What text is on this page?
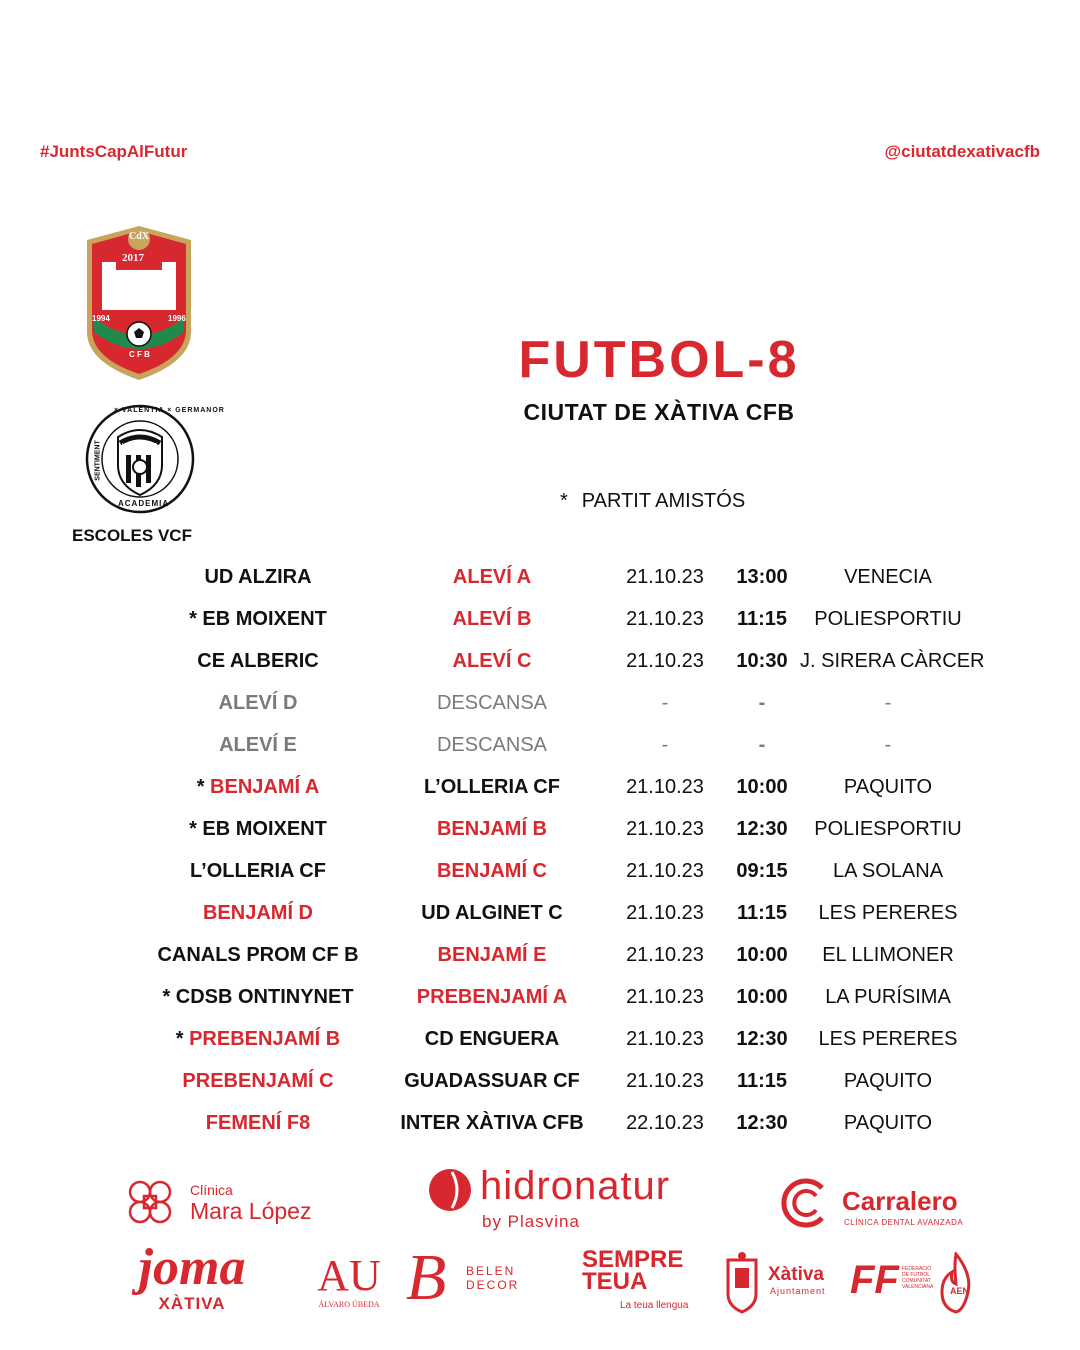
#JuntsCapAlFutur	@ciutatdexativacfb
CdX
2017
1994	1996
C F B
× VALENTIA × GERMANOR
SENTIMENT
ACADEMIA
VALÈNCIA C.F.
ESCOLES VCF
FUTBOL-8
CIUTAT DE XÀTIVA CFB
* PARTIT AMISTÓS
UD ALZIRA	ALEVÍ A	21.10.23	13:00	VENECIA
* EB MOIXENT	ALEVÍ B	21.10.23	11:15	POLIESPORTIU
CE ALBERIC	ALEVÍ C	21.10.23	10:30 J. SIRERA CÀRCER
ALEVÍ D	DESCANSA	-	-	-
ALEVÍ E	DESCANSA	-	-	-
* BENJAMÍ A	L’OLLERIA CF	21.10.23	10:00	PAQUITO
* EB MOIXENT	BENJAMÍ B	21.10.23	12:30	POLIESPORTIU
L’OLLERIA CF	BENJAMÍ C	21.10.23	09:15	LA SOLANA
BENJAMÍ D	UD ALGINET C	21.10.23	11:15	LES PERERES
CANALS PROM CF B	BENJAMÍ E	21.10.23	10:00	EL LLIMONER
* CDSB ONTINYNET	PREBENJAMÍ A	21.10.23	10:00	LA PURÍSIMA
* PREBENJAMÍ B	CD ENGUERA	21.10.23	12:30	LES PERERES
PREBENJAMÍ C	GUADASSUAR CF	21.10.23	11:15	PAQUITO
FEMENÍ F8	INTER XÀTIVA CFB	22.10.23	12:30	PAQUITO
Clínica
Mara López
hidronatur
by Plasvina
Carralero
CLÍNICA DENTAL AVANZADA
joma
XÀTIVA
AU
ÁLVARO ÚBEDA B BELEN
DECOR
SEMPRE
TEUA
La teua llengua
Xàtiva
Ajuntament FF FEDERACIÓ
DE FUTBOL
COMUNITAT
VALENCIANA AEN
